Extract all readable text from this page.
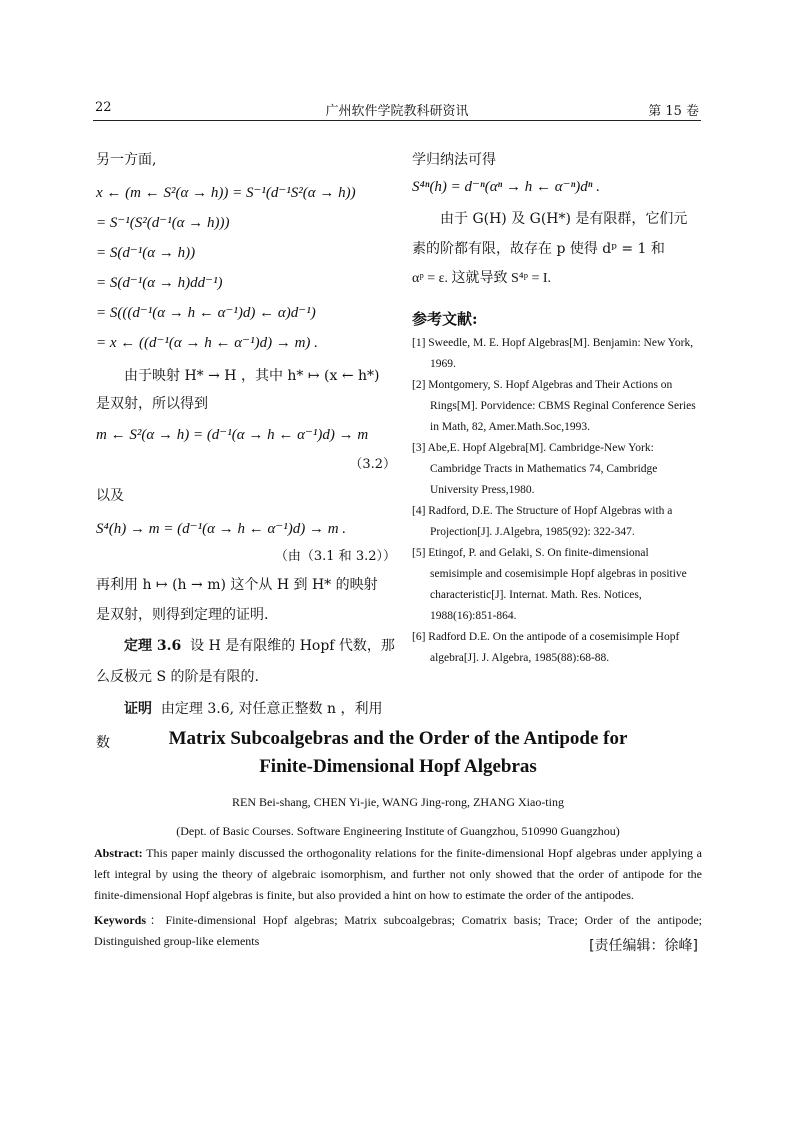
22	广州软件学院教科研资讯	第 15 卷
另一方面,
x ← (m ← S²(α → h)) = S⁻¹(d⁻¹S²(α → h))
= S⁻¹(S²(d⁻¹(α → h)))
= S(d⁻¹(α → h))
= S(d⁻¹(α → h)dd⁻¹)
= S(((d⁻¹(α → h ← α⁻¹)d) ← α)d⁻¹)
= x ← ((d⁻¹(α → h ← α⁻¹)d) → m) .
由于映射 H* → H ，其中 h* ↦ (x ← h*)
是双射，所以得到
m ← S²(α → h) = (d⁻¹(α → h ← α⁻¹)d) → m
（3.2）
以及
S⁴(h) → m = (d⁻¹(α → h ← α⁻¹)d) → m .
（由（3.1 和 3.2））
再利用 h ↦ (h → m) 这个从 H 到 H* 的映射
是双射，则得到定理的证明.
定理 3.6 设 H 是有限维的 Hopf 代数，那
么反极元 S 的阶是有限的.
证明 由定理 3.6, 对任意正整数 n ，利用数
学归纳法可得
S⁴ⁿ(h) = d⁻ⁿ(αⁿ → h ← α⁻ⁿ)dⁿ .
由于 G(H) 及 G(H*) 是有限群，它们元
素的阶都有限，故存在 p 使得 dᵖ = 1 和
αᵖ = ε. 这就导致 S⁴ᵖ = I.
参考文献:
[1] Sweedle, M. E. Hopf Algebras[M]. Benjamin: New York, 1969.
[2] Montgomery, S. Hopf Algebras and Their Actions on Rings[M]. Porvidence: CBMS Reginal Conference Series in Math, 82, Amer.Math.Soc,1993.
[3] Abe,E. Hopf Algebra[M]. Cambridge-New York: Cambridge Tracts in Mathematics 74, Cambridge University Press,1980.
[4] Radford, D.E. The Structure of Hopf Algebras with a Projection[J]. J.Algebra, 1985(92): 322-347.
[5] Etingof, P. and Gelaki, S. On finite-dimensional semisimple and cosemisimple Hopf algebras in positive characteristic[J]. Internat. Math. Res. Notices, 1988(16):851-864.
[6] Radford D.E. On the antipode of a cosemisimple Hopf algebra[J]. J. Algebra, 1985(88):68-88.
Matrix Subcoalgebras and the Order of the Antipode for
Finite-Dimensional Hopf Algebras
REN Bei-shang, CHEN Yi-jie, WANG Jing-rong, ZHANG Xiao-ting
(Dept. of Basic Courses. Software Engineering Institute of Guangzhou, 510990 Guangzhou)
Abstract: This paper mainly discussed the orthogonality relations for the finite-dimensional Hopf algebras under applying a left integral by using the theory of algebraic isomorphism, and further not only showed that the order of antipode for the finite-dimensional Hopf algebras is finite, but also provided a hint on how to estimate the order of the antipodes.
Keywords：Finite-dimensional Hopf algebras; Matrix subcoalgebras; Comatrix basis; Trace; Order of the antipode; Distinguished group-like elements	[责任编辑：徐峰]
